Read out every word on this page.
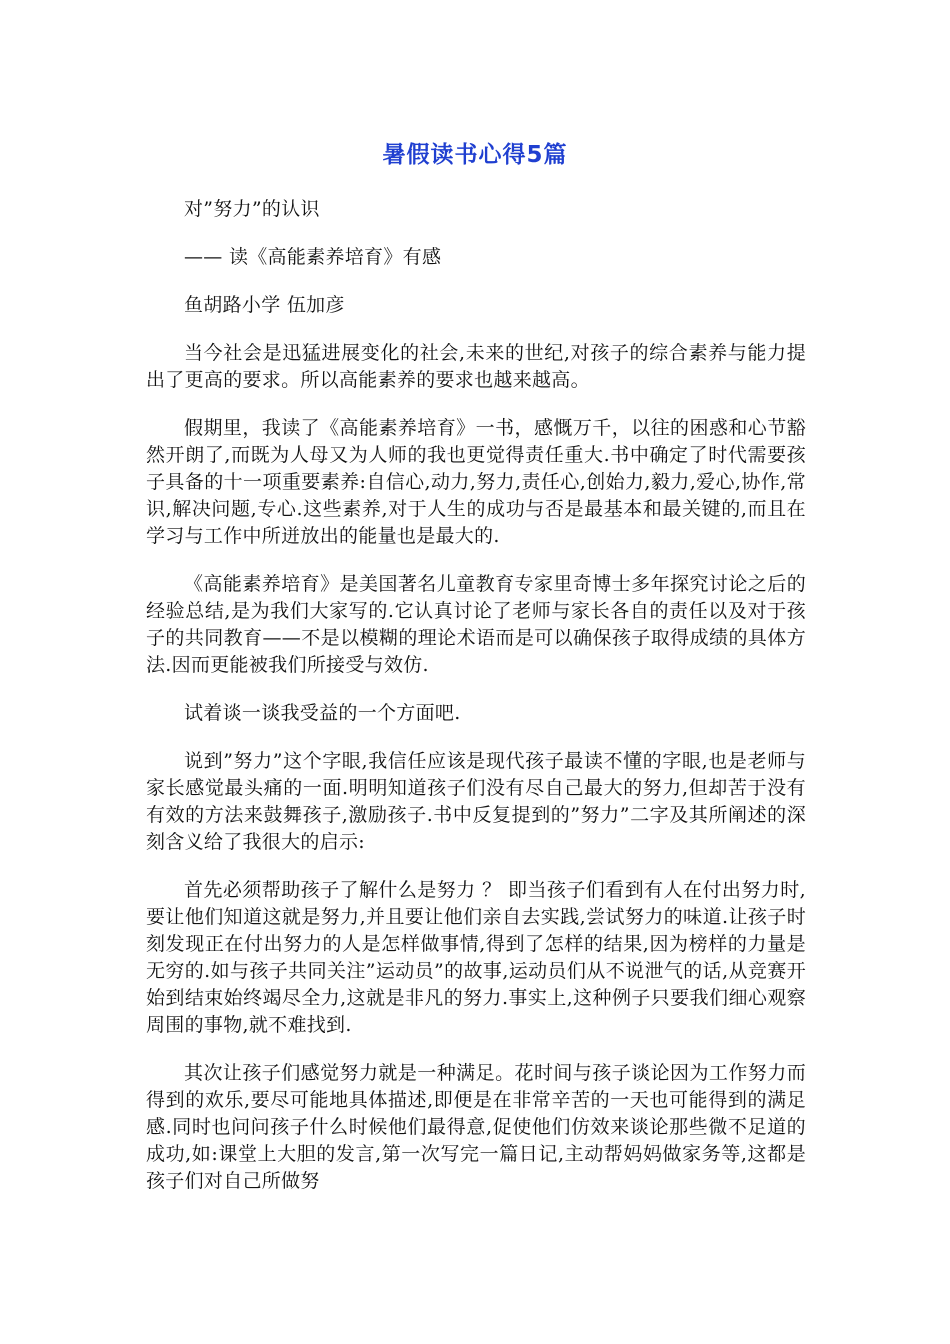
暑假读书心得5篇

对”努力”的认识

—— 读《高能素养培育》有感

鱼胡路小学 伍加彦

当今社会是迅猛进展变化的社会,未来的世纪,对孩子的综合素养与能力提出了更高的要求。所以高能素养的要求也越来越高。

假期里，我读了《高能素养培育》一书，感慨万千，以往的困惑和心节豁然开朗了,而既为人母又为人师的我也更觉得责任重大.书中确定了时代需要孩子具备的十一项重要素养:自信心,动力,努力,责任心,创始力,毅力,爱心,协作,常识,解决问题,专心.这些素养,对于人生的成功与否是最基本和最关键的,而且在学习与工作中所迸放出的能量也是最大的.

《高能素养培育》是美国著名儿童教育专家里奇博士多年探究讨论之后的经验总结,是为我们大家写的.它认真讨论了老师与家长各自的责任以及对于孩子的共同教育——不是以模糊的理论术语而是可以确保孩子取得成绩的具体方法.因而更能被我们所接受与效仿.

试着谈一谈我受益的一个方面吧.

说到”努力”这个字眼,我信任应该是现代孩子最读不懂的字眼,也是老师与家长感觉最头痛的一面.明明知道孩子们没有尽自己最大的努力,但却苦于没有有效的方法来鼓舞孩子,激励孩子.书中反复提到的”努力”二字及其所阐述的深刻含义给了我很大的启示:

首先必须帮助孩子了解什么是努力 ？ 即当孩子们看到有人在付出努力时,要让他们知道这就是努力,并且要让他们亲自去实践,尝试努力的味道.让孩子时刻发现正在付出努力的人是怎样做事情,得到了怎样的结果,因为榜样的力量是无穷的.如与孩子共同关注”运动员”的故事,运动员们从不说泄气的话,从竞赛开始到结束始终竭尽全力,这就是非凡的努力.事实上,这种例子只要我们细心观察周围的事物,就不难找到.

其次让孩子们感觉努力就是一种满足。花时间与孩子谈论因为工作努力而得到的欢乐,要尽可能地具体描述,即便是在非常辛苦的一天也可能得到的满足感.同时也问问孩子什么时候他们最得意,促使他们仿效来谈论那些微不足道的成功,如:课堂上大胆的发言,第一次写完一篇日记,主动帮妈妈做家务等,这都是孩子们对自己所做努
